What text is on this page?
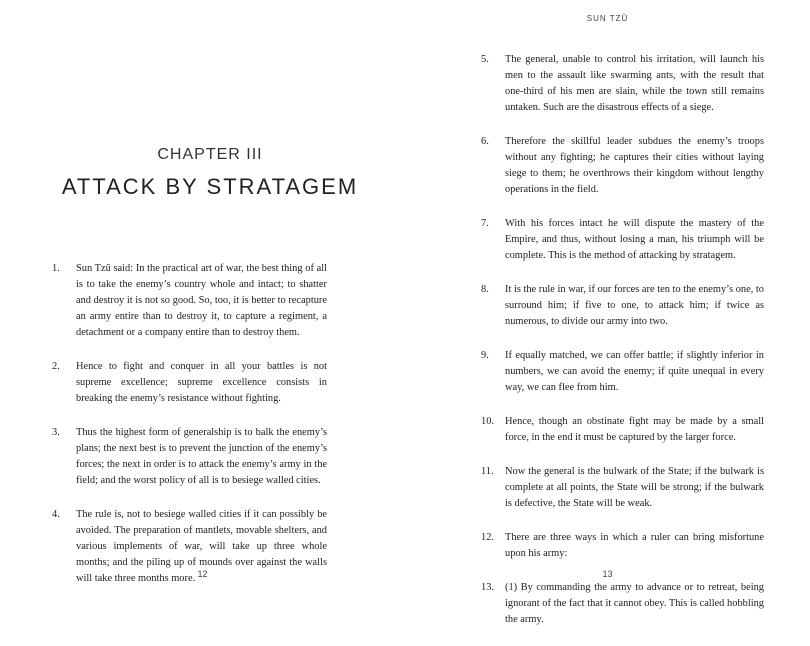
CHAPTER III
ATTACK BY STRATAGEM
1. Sun Tzŭ said: In the practical art of war, the best thing of all is to take the enemy’s country whole and intact; to shatter and destroy it is not so good. So, too, it is better to recapture an army entire than to destroy it, to capture a regiment, a detachment or a company entire than to destroy them.
2. Hence to fight and conquer in all your battles is not supreme excellence; supreme excellence consists in breaking the enemy’s resistance without fighting.
3. Thus the highest form of generalship is to balk the enemy’s plans; the next best is to prevent the junction of the enemy’s forces; the next in order is to attack the enemy’s army in the field; and the worst policy of all is to besiege walled cities.
4. The rule is, not to besiege walled cities if it can possibly be avoided. The preparation of mantlets, movable shelters, and various implements of war, will take up three whole months; and the piling up of mounds over against the walls will take three months more. 12
SUN TZŬ
5. The general, unable to control his irritation, will launch his men to the assault like swarming ants, with the result that one-third of his men are slain, while the town still remains untaken. Such are the disastrous effects of a siege.
6. Therefore the skillful leader subdues the enemy’s troops without any fighting; he captures their cities without laying siege to them; he overthrows their kingdom without lengthy operations in the field.
7. With his forces intact he will dispute the mastery of the Empire, and thus, without losing a man, his triumph will be complete. This is the method of attacking by stratagem.
8. It is the rule in war, if our forces are ten to the enemy’s one, to surround him; if five to one, to attack him; if twice as numerous, to divide our army into two.
9. If equally matched, we can offer battle; if slightly inferior in numbers, we can avoid the enemy; if quite unequal in every way, we can flee from him.
10. Hence, though an obstinate fight may be made by a small force, in the end it must be captured by the larger force.
11. Now the general is the bulwark of the State; if the bulwark is complete at all points, the State will be strong; if the bulwark is defective, the State will be weak.
12. There are three ways in which a ruler can bring misfortune upon his army:
13. (1) By commanding the army to advance or to retreat, being ignorant of the fact that it cannot obey. This is called hobbling the army.
13
